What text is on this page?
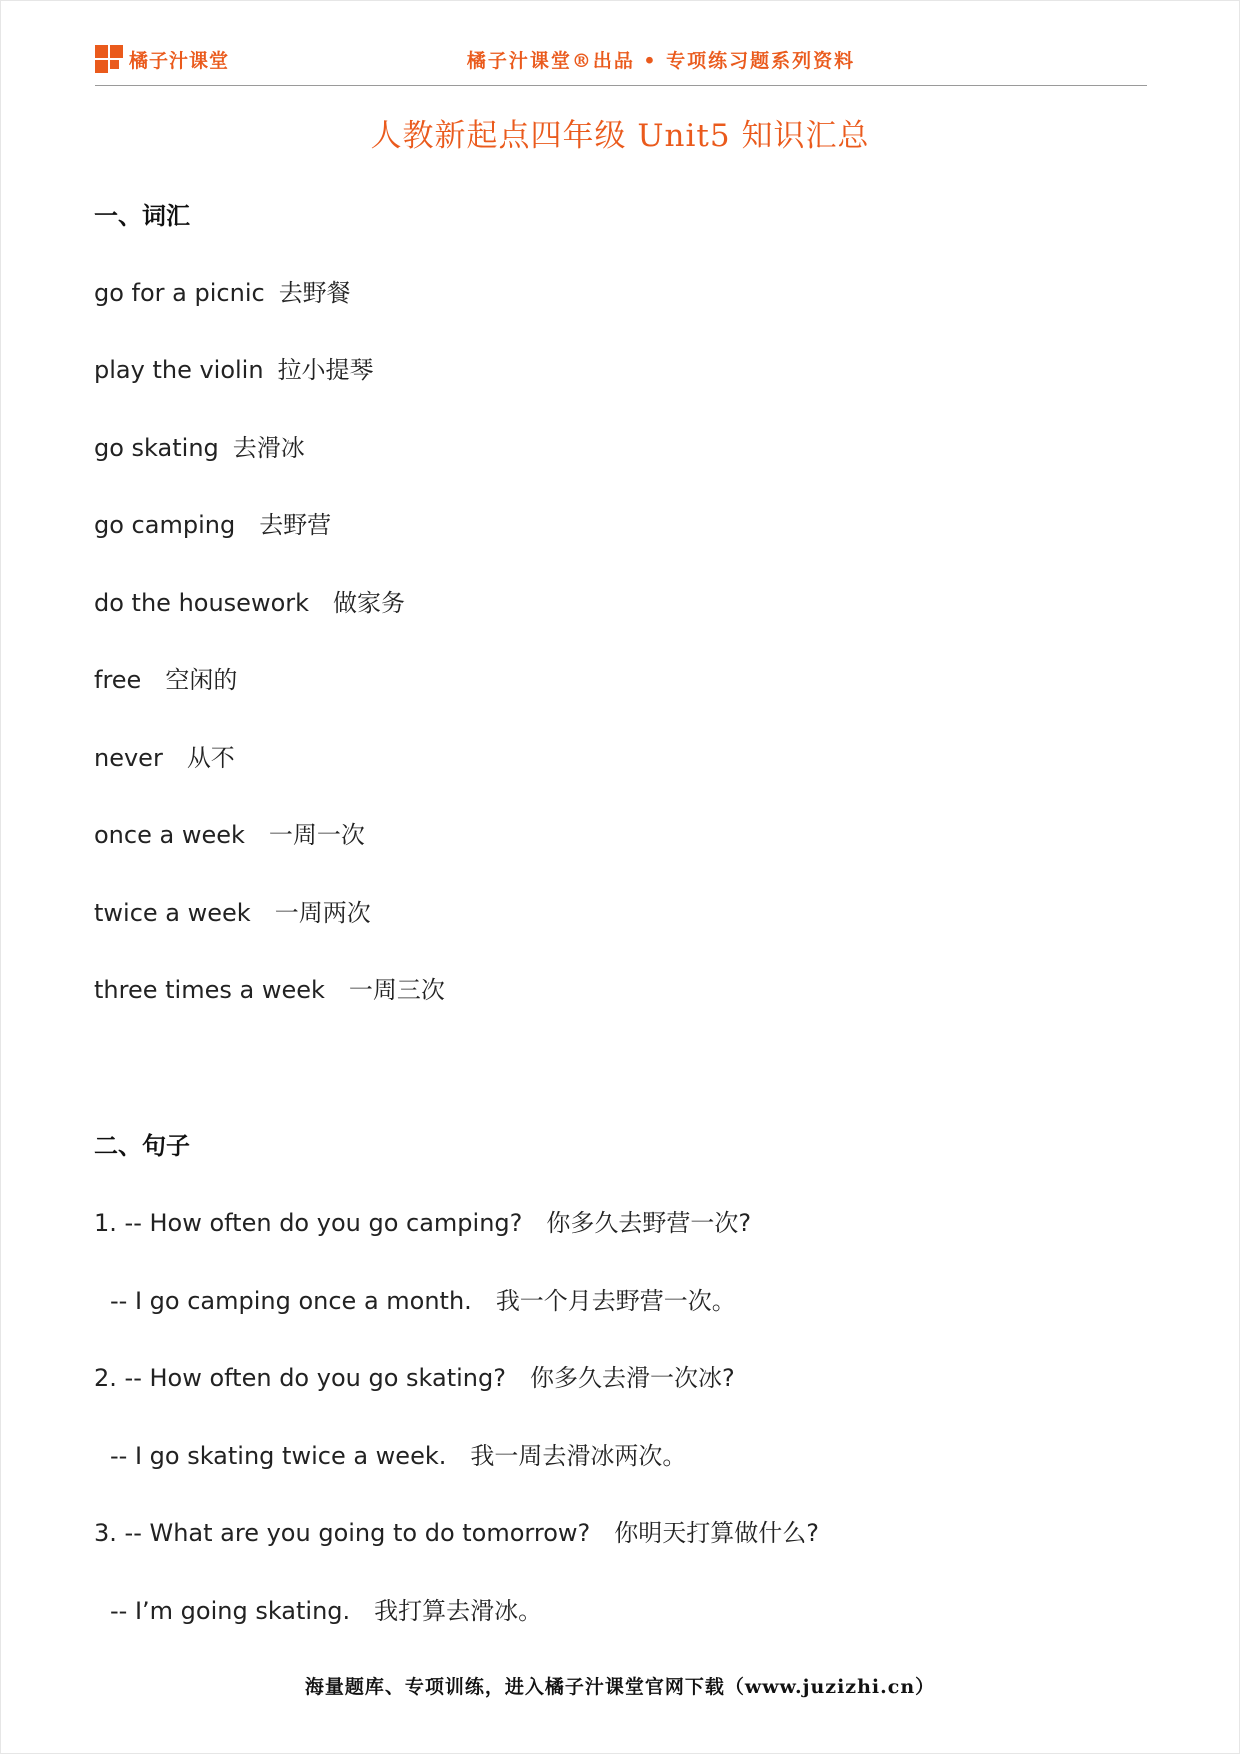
橘子汁课堂	橘子汁课堂®出品 • 专项练习题系列资料
人教新起点四年级 Unit5 知识汇总
一、词汇
go for a picnic 去野餐
play the violin 拉小提琴
go skating 去滑冰
go camping 去野营
do the housework 做家务
free 空闲的
never 从不
once a week 一周一次
twice a week 一周两次
three times a week 一周三次
二、句子
1. -- How often do you go camping? 你多久去野营一次?
-- I go camping once a month. 我一个月去野营一次。
2. -- How often do you go skating? 你多久去滑一次冰?
-- I go skating twice a week. 我一周去滑冰两次。
3. -- What are you going to do tomorrow? 你明天打算做什么?
-- I’m going skating. 我打算去滑冰。
海量题库、专项训练，进入橘子汁课堂官网下载（www.juzizhi.cn）
